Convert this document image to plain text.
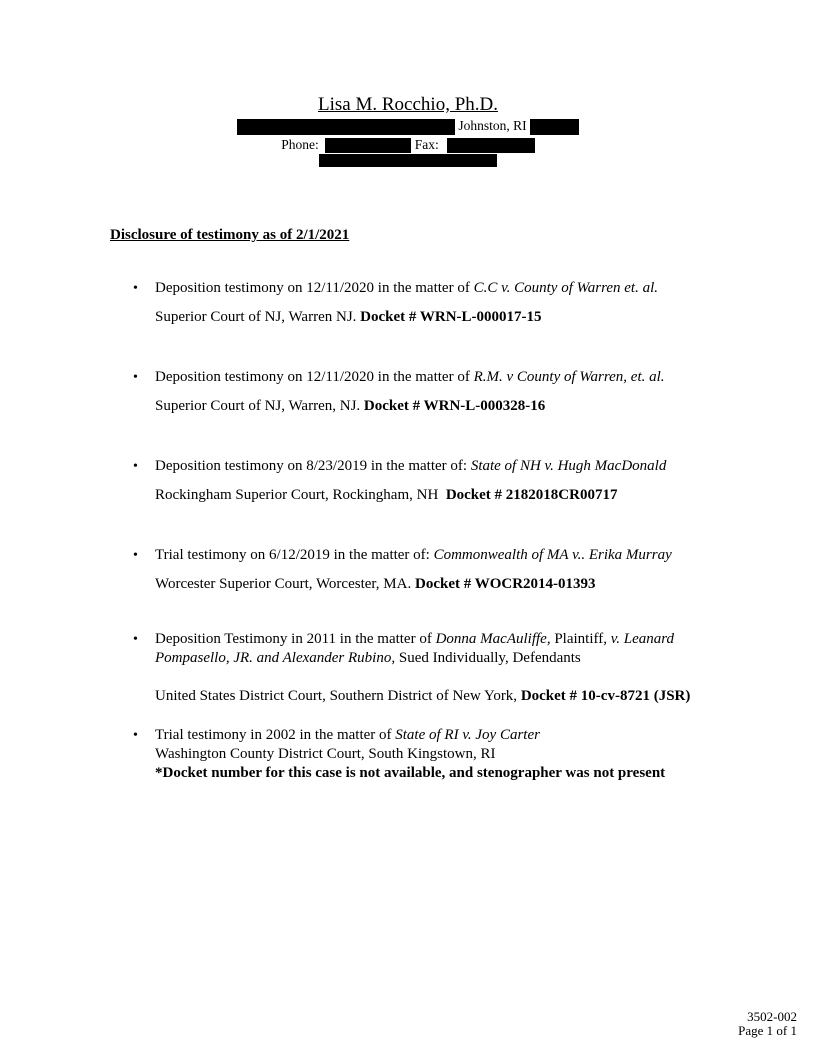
Lisa M. Rocchio, Ph.D.
Johnston, RI
Phone:	Fax:
Disclosure of testimony as of 2/1/2021
•	Deposition testimony on 12/11/2020 in the matter of C.C v. County of Warren et. al.
Superior Court of NJ, Warren NJ. Docket # WRN-L-000017-15
•	Deposition testimony on 12/11/2020 in the matter of R.M. v County of Warren, et. al.
Superior Court of NJ, Warren, NJ. Docket # WRN-L-000328-16
•	Deposition testimony on 8/23/2019 in the matter of: State of NH v. Hugh MacDonald
Rockingham Superior Court, Rockingham, NH  Docket # 2182018CR00717
•	Trial testimony on 6/12/2019 in the matter of: Commonwealth of MA v.. Erika Murray
Worcester Superior Court, Worcester, MA. Docket # WOCR2014-01393
•	Deposition Testimony in 2011 in the matter of Donna MacAuliffe, Plaintiff, v. Leanard
Pompasello, JR. and Alexander Rubino, Sued Individually, Defendants
United States District Court, Southern District of New York, Docket # 10-cv-8721 (JSR)
•	Trial testimony in 2002 in the matter of State of RI v. Joy Carter
Washington County District Court, South Kingstown, RI
*Docket number for this case is not available, and stenographer was not present
3502-002
Page 1 of 1
